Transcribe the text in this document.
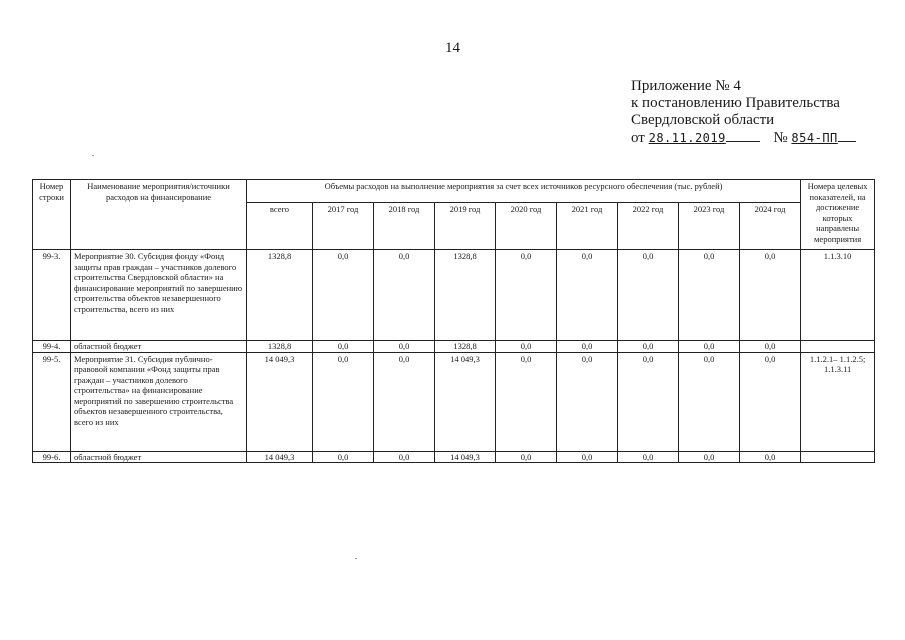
14
Приложение № 4
к постановлению Правительства
Свердловской области
от 28.11.2019	№ 854-ПП
Номер строки	Наименование мероприятия/источники расходов на финансирование	Объемы расходов на выполнение мероприятия за счет всех источников ресурсного обеспечения (тыс. рублей)									Номера целевых показателей, на достижение которых направлены мероприятия
		всего	2017 год	2018 год	2019 год	2020 год	2021 год	2022 год	2023 год	2024 год	
99-3.	Мероприятие 30. Субсидия фонду «Фонд защиты прав граждан – участников долевого строительства Свердловской области» на финансирование мероприятий по завершению строительства объектов незавершенного строительства, всего из них	1328,8	0,0	0,0	1328,8	0,0	0,0	0,0	0,0	0,0	1.1.3.10
99-4.	областной бюджет	1328,8	0,0	0,0	1328,8	0,0	0,0	0,0	0,0	0,0	
99-5.	Мероприятие 31. Субсидия публично-правовой компании «Фонд защиты прав граждан – участников долевого строительства» на финансирование мероприятий по завершению строительства объектов незавершенного строительства, всего из них	14 049,3	0,0	0,0	14 049,3	0,0	0,0	0,0	0,0	0,0	1.1.2.1– 1.1.2.5; 1.1.3.11
99-6.	областной бюджет	14 049,3	0,0	0,0	14 049,3	0,0	0,0	0,0	0,0	0,0	
